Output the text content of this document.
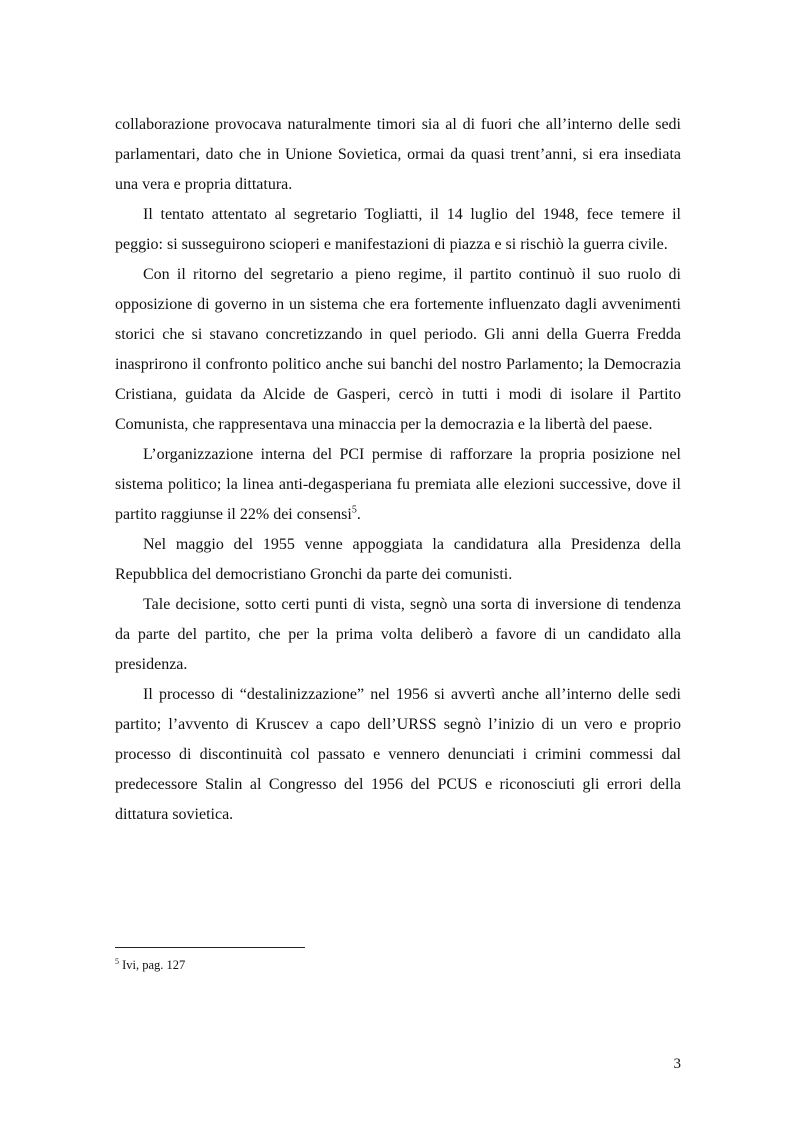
collaborazione provocava naturalmente timori sia al di fuori che all’interno delle sedi parlamentari, dato che in Unione Sovietica, ormai da quasi trent’anni, si era insediata una vera e propria dittatura.

Il tentato attentato al segretario Togliatti, il 14 luglio del 1948, fece temere il peggio: si susseguirono scioperi e manifestazioni di piazza e si rischiò la guerra civile.

Con il ritorno del segretario a pieno regime, il partito continuò il suo ruolo di opposizione di governo in un sistema che era fortemente influenzato dagli avvenimenti storici che si stavano concretizzando in quel periodo. Gli anni della Guerra Fredda inasprirono il confronto politico anche sui banchi del nostro Parlamento; la Democrazia Cristiana, guidata da Alcide de Gasperi, cercò in tutti i modi di isolare il Partito Comunista, che rappresentava una minaccia per la democrazia e la libertà del paese.

L’organizzazione interna del PCI permise di rafforzare la propria posizione nel sistema politico; la linea anti-degasperiana fu premiata alle elezioni successive, dove il partito raggiunse il 22% dei consensi$^5$.

Nel maggio del 1955 venne appoggiata la candidatura alla Presidenza della Repubblica del democristiano Gronchi da parte dei comunisti.

Tale decisione, sotto certi punti di vista, segnò una sorta di inversione di tendenza da parte del partito, che per la prima volta deliberò a favore di un candidato alla presidenza.

Il processo di “destalinizzazione” nel 1956 si avvertì anche all’interno delle sedi partito; l’avvento di Kruscev a capo dell’URSS segnò l’inizio di un vero e proprio processo di discontinuità col passato e vennero denunciati i crimini commessi dal predecessore Stalin al Congresso del 1956 del PCUS e riconosciuti gli errori della dittatura sovietica.

$^5$ Ivi, pag. 127
3
